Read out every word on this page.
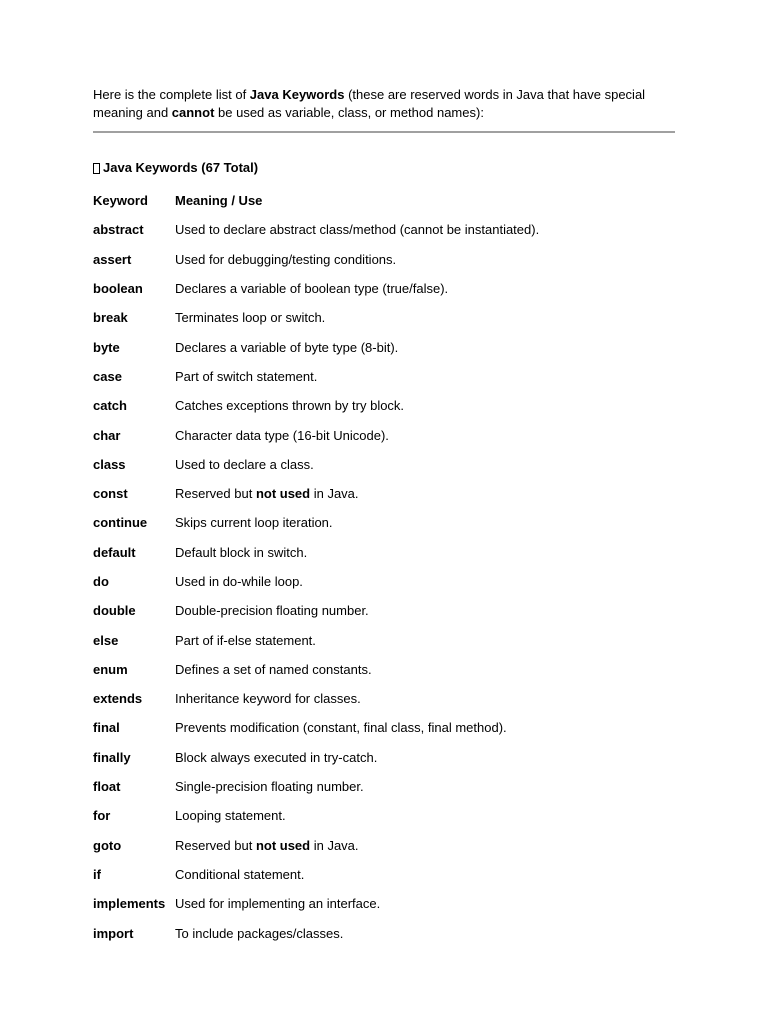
Here is the complete list of Java Keywords (these are reserved words in Java that have special meaning and cannot be used as variable, class, or method names):

Java Keywords (67 Total)
Keyword	Meaning / Use
abstract	Used to declare abstract class/method (cannot be instantiated).
assert	Used for debugging/testing conditions.
boolean	Declares a variable of boolean type (true/false).
break	Terminates loop or switch.
byte	Declares a variable of byte type (8-bit).
case	Part of switch statement.
catch	Catches exceptions thrown by try block.
char	Character data type (16-bit Unicode).
class	Used to declare a class.
const	Reserved but not used in Java.
continue	Skips current loop iteration.
default	Default block in switch.
do	Used in do-while loop.
double	Double-precision floating number.
else	Part of if-else statement.
enum	Defines a set of named constants.
extends	Inheritance keyword for classes.
final	Prevents modification (constant, final class, final method).
finally	Block always executed in try-catch.
float	Single-precision floating number.
for	Looping statement.
goto	Reserved but not used in Java.
if	Conditional statement.
implements	Used for implementing an interface.
import	To include packages/classes.
